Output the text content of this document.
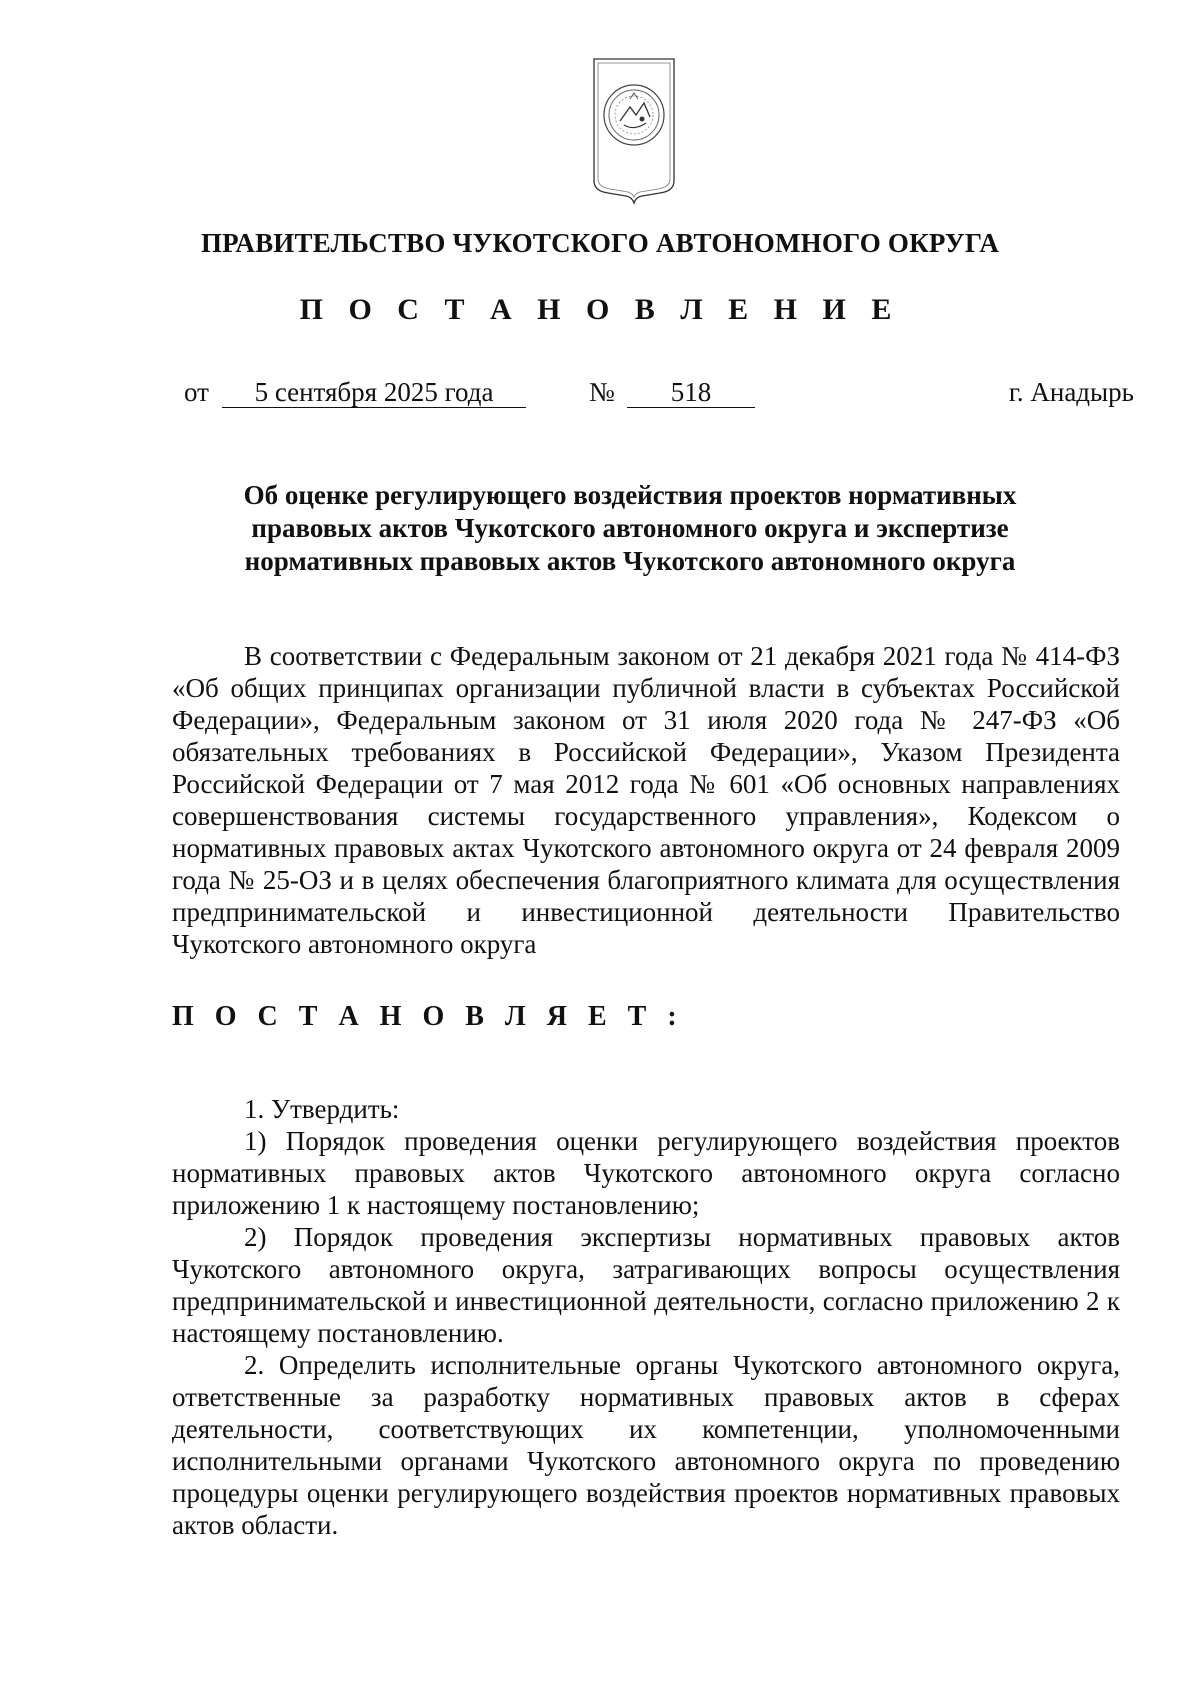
ПРАВИТЕЛЬСТВО ЧУКОТСКОГО АВТОНОМНОГО ОКРУГА
П О С Т А Н О В Л Е Н И Е
от	5 сентября 2025 года	№	518	г. Анадырь
Об оценке регулирующего воздействия проектов нормативных
правовых актов Чукотского автономного округа и экспертизе
нормативных правовых актов Чукотского автономного округа

В соответствии с Федеральным законом от 21 декабря 2021 года № 414-ФЗ «Об общих принципах организации публичной власти в субъектах Российской Федерации», Федеральным законом от 31 июля 2020 года № 247-ФЗ «Об обязательных требованиях в Российской Федерации», Указом Президента Российской Федерации от 7 мая 2012 года № 601 «Об основных направлениях совершенствования системы государственного управления», Кодексом о нормативных правовых актах Чукотского автономного округа от 24 февраля 2009 года № 25-ОЗ и в целях обеспечения благоприятного климата для осуществления предпринимательской и инвестиционной деятельности Правительство Чукотского автономного округа

П О С Т А Н О В Л Я Е Т :

1. Утвердить:

1) Порядок проведения оценки регулирующего воздействия проектов нормативных правовых актов Чукотского автономного округа согласно приложению 1 к настоящему постановлению;

2) Порядок проведения экспертизы нормативных правовых актов Чукотского автономного округа, затрагивающих вопросы осуществления предпринимательской и инвестиционной деятельности, согласно приложению 2 к настоящему постановлению.

2. Определить исполнительные органы Чукотского автономного округа, ответственные за разработку нормативных правовых актов в сферах деятельности, соответствующих их компетенции, уполномоченными исполнительными органами Чукотского автономного округа по проведению процедуры оценки регулирующего воздействия проектов нормативных правовых актов области.
